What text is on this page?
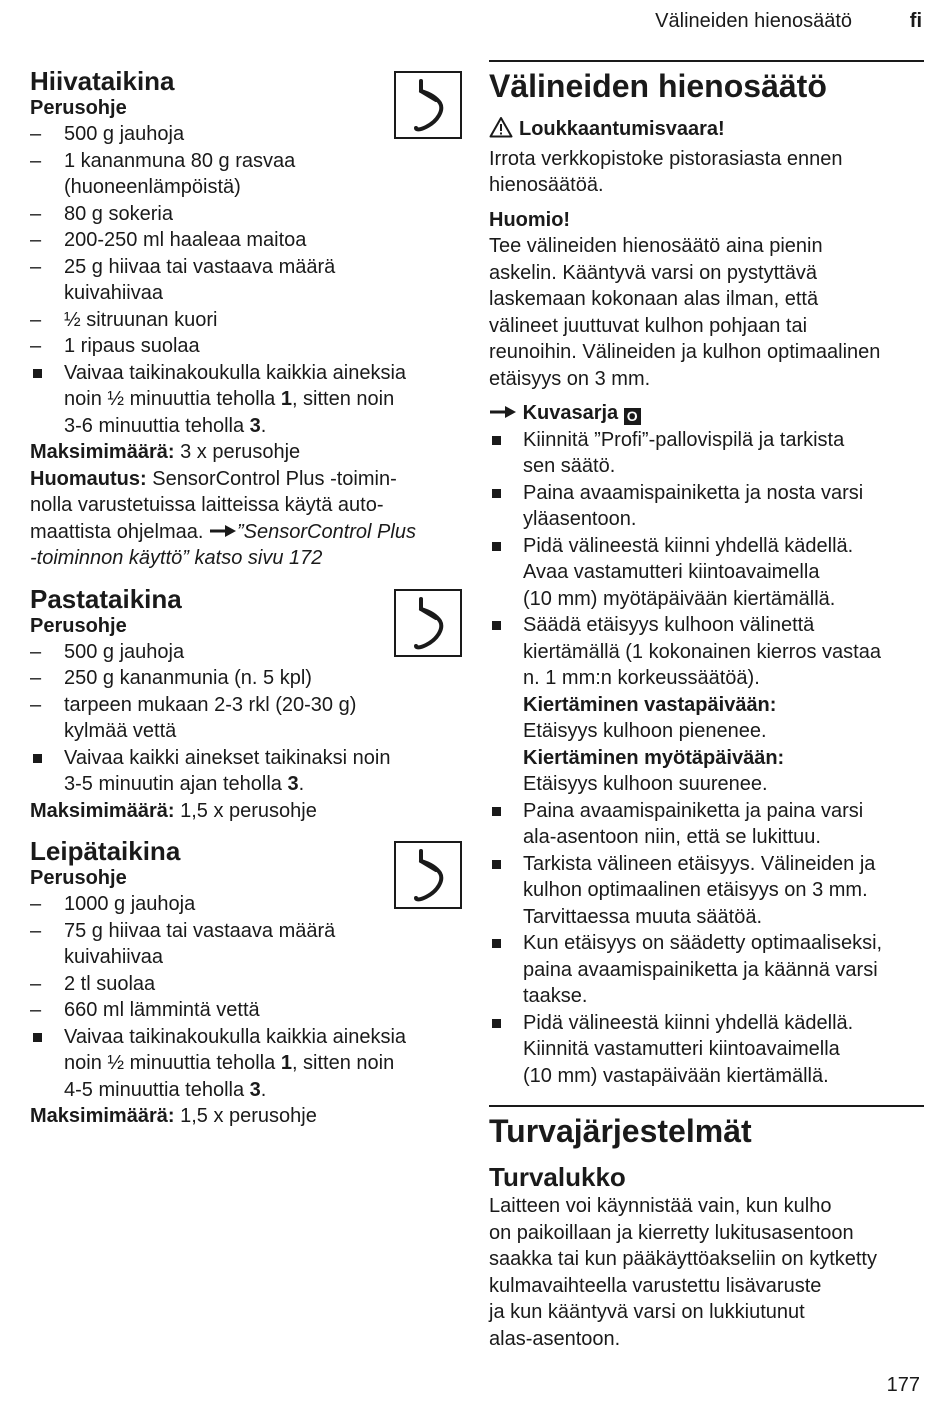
Välineiden hienosäätö	fi
Hiivataikina
Perusohje
– 500 g jauhoja
– 1 kananmuna 80 g rasvaa
(huoneenlämpöistä)
– 80 g sokeria
– 200-250 ml haaleaa maitoa
– 25 g hiivaa tai vastaava määrä
kuivahiivaa
– ½ sitruunan kuori
– 1 ripaus suolaa
Vaivaa taikinakoukulla kaikkia aineksia
noin ½ minuuttia teholla 1, sitten noin
3-6 minuuttia teholla 3.
Maksimimäärä: 3 x perusohje
Huomautus: SensorControl Plus -toimin-
nolla varustetuissa laitteissa käytä auto-
maattista ohjelmaa. ”SensorControl Plus
-toiminnon käyttö” katso sivu 172
Pastataikina
Perusohje
– 500 g jauhoja
– 250 g kananmunia (n. 5 kpl)
– tarpeen mukaan 2-3 rkl (20-30 g)
kylmää vettä
Vaivaa kaikki ainekset taikinaksi noin
3-5 minuutin ajan teholla 3.
Maksimimäärä: 1,5 x perusohje
Leipätaikina
Perusohje
– 1000 g jauhoja
– 75 g hiivaa tai vastaava määrä
kuivahiivaa
– 2 tl suolaa
– 660 ml lämmintä vettä
Vaivaa taikinakoukulla kaikkia aineksia
noin ½ minuuttia teholla 1, sitten noin
4-5 minuuttia teholla 3.
Maksimimäärä: 1,5 x perusohje
Välineiden hienosäätö
Loukkaantumisvaara!
Irrota verkkopistoke pistorasiasta ennen
hienosäätöä.
Huomio!
Tee välineiden hienosäätö aina pienin
askelin. Kääntyvä varsi on pystyttävä
laskemaan kokonaan alas ilman, että
välineet juuttuvat kulhon pohjaan tai
reunoihin. Välineiden ja kulhon optimaalinen
etäisyys on 3 mm.
Kuvasarja O
Kiinnitä ”Profi”-pallovispilä ja tarkista
sen säätö.
Paina avaamispainiketta ja nosta varsi
yläasentoon.
Pidä välineestä kiinni yhdellä kädellä.
Avaa vastamutteri kiintoavaimella
(10 mm) myötäpäivään kiertämällä.
Säädä etäisyys kulhoon välinettä
kiertämällä (1 kokonainen kierros vastaa
n. 1 mm:n korkeussäätöä).
Kiertäminen vastapäivään:
Etäisyys kulhoon pienenee.
Kiertäminen myötäpäivään:
Etäisyys kulhoon suurenee.
Paina avaamispainiketta ja paina varsi
ala-asentoon niin, että se lukittuu.
Tarkista välineen etäisyys. Välineiden ja
kulhon optimaalinen etäisyys on 3 mm.
Tarvittaessa muuta säätöä.
Kun etäisyys on säädetty optimaaliseksi,
paina avaamispainiketta ja käännä varsi
taakse.
Pidä välineestä kiinni yhdellä kädellä.
Kiinnitä vastamutteri kiintoavaimella
(10 mm) vastapäivään kiertämällä.
Turvajärjestelmät
Turvalukko
Laitteen voi käynnistää vain, kun kulho
on paikoillaan ja kierretty lukitusasentoon
saakka tai kun pääkäyttöakseliin on kytketty
kulmavaihteella varustettu lisävaruste
ja kun kääntyvä varsi on lukkiutunut
alas-asentoon.
177
